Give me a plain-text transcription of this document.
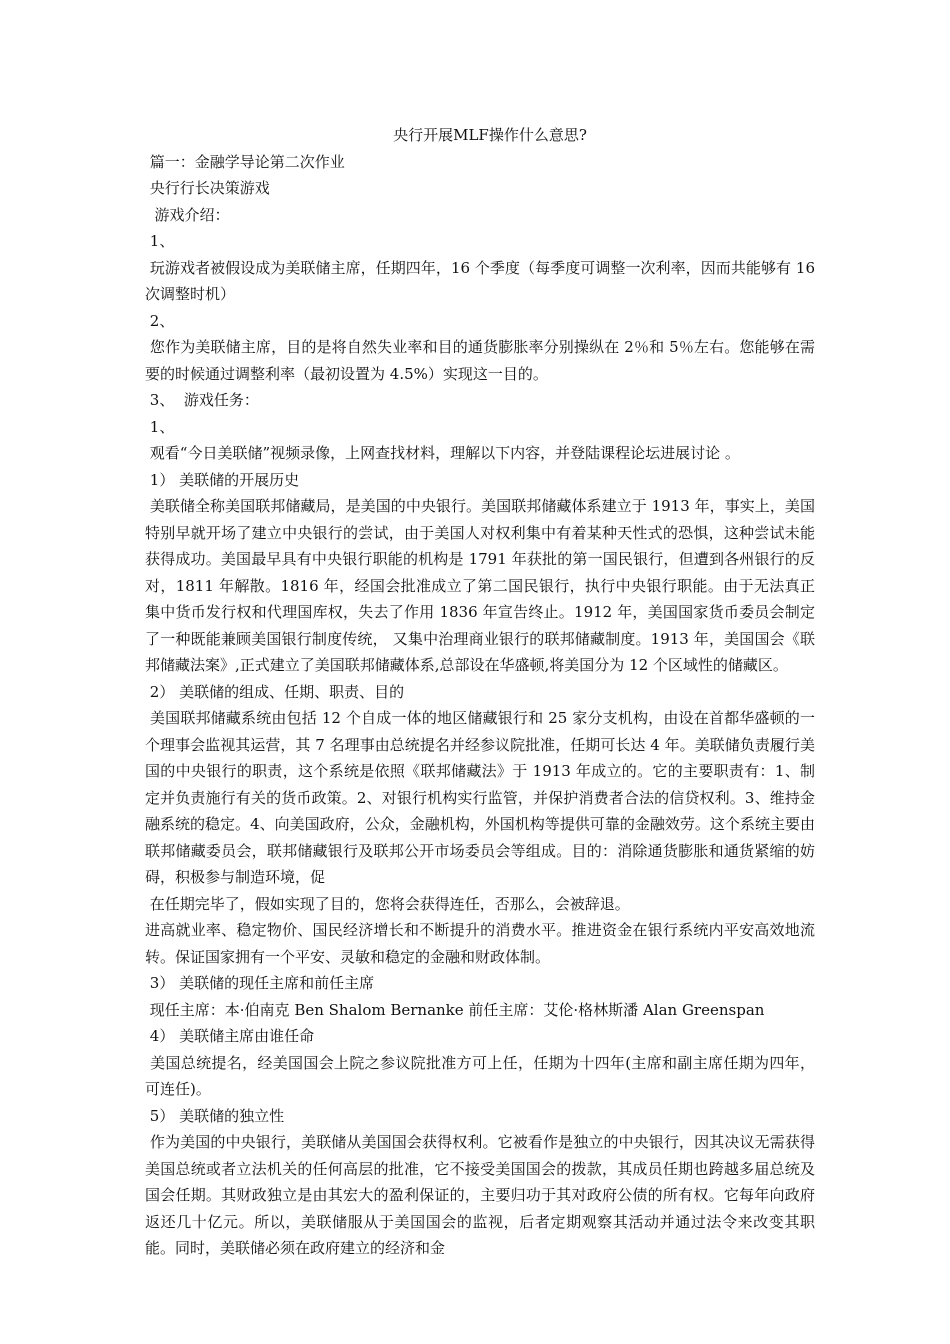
央行开展MLF操作什么意思?

篇一：金融学导论第二次作业

央行行长决策游戏

游戏介绍：

1、

玩游戏者被假设成为美联储主席，任期四年，16 个季度（每季度可调整一次利率，因而共能够有 16 次调整时机）

2、

您作为美联储主席，目的是将自然失业率和目的通货膨胀率分别操纵在 2％和 5％左右。您能够在需要的时候通过调整利率（最初设置为 4.5%）实现这一目的。

3、  游戏任务：

1、

观看“今日美联储”视频录像，上网查找材料，理解以下内容，并登陆课程论坛进展讨论 。

1） 美联储的开展历史

美联储全称美国联邦储藏局，是美国的中央银行。美国联邦储藏体系建立于 1913 年，事实上，美国特别早就开场了建立中央银行的尝试，由于美国人对权利集中有着某种天性式的恐惧，这种尝试未能获得成功。美国最早具有中央银行职能的机构是 1791 年获批的第一国民银行，但遭到各州银行的反对，1811 年解散。1816 年，经国会批准成立了第二国民银行，执行中央银行职能。由于无法真正集中货币发行权和代理国库权，失去了作用 1836 年宣告终止。1912 年，美国国家货币委员会制定了一种既能兼顾美国银行制度传统， 又集中治理商业银行的联邦储藏制度。1913 年，美国国会《联邦储藏法案》,正式建立了美国联邦储藏体系,总部设在华盛顿,将美国分为 12 个区域性的储藏区。

2） 美联储的组成、任期、职责、目的

美国联邦储藏系统由包括 12 个自成一体的地区储藏银行和 25 家分支机构，由设在首都华盛顿的一个理事会监视其运营，其 7 名理事由总统提名并经参议院批准，任期可长达 4 年。美联储负责履行美国的中央银行的职责，这个系统是依照《联邦储藏法》于 1913 年成立的。它的主要职责有：1、制定并负责施行有关的货币政策。2、对银行机构实行监管，并保护消费者合法的信贷权利。3、维持金融系统的稳定。4、向美国政府，公众，金融机构，外国机构等提供可靠的金融效劳。这个系统主要由联邦储藏委员会，联邦储藏银行及联邦公开市场委员会等组成。目的：消除通货膨胀和通货紧缩的妨碍，积极参与制造环境，促

在任期完毕了，假如实现了目的，您将会获得连任，否那么，会被辞退。

进高就业率、稳定物价、国民经济增长和不断提升的消费水平。推进资金在银行系统内平安高效地流转。保证国家拥有一个平安、灵敏和稳定的金融和财政体制。

3） 美联储的现任主席和前任主席

现任主席：本·伯南克 Ben Shalom Bernanke 前任主席：艾伦·格林斯潘 Alan Greenspan

4） 美联储主席由谁任命

美国总统提名，经美国国会上院之参议院批准方可上任，任期为十四年(主席和副主席任期为四年，可连任)。

5） 美联储的独立性

作为美国的中央银行，美联储从美国国会获得权利。它被看作是独立的中央银行，因其决议无需获得美国总统或者立法机关的任何高层的批准，它不接受美国国会的拨款，其成员任期也跨越多届总统及国会任期。其财政独立是由其宏大的盈利保证的，主要归功于其对政府公债的所有权。它每年向政府返还几十亿元。所以，美联储服从于美国国会的监视，后者定期观察其活动并通过法令来改变其职能。同时，美联储必须在政府建立的经济和金
